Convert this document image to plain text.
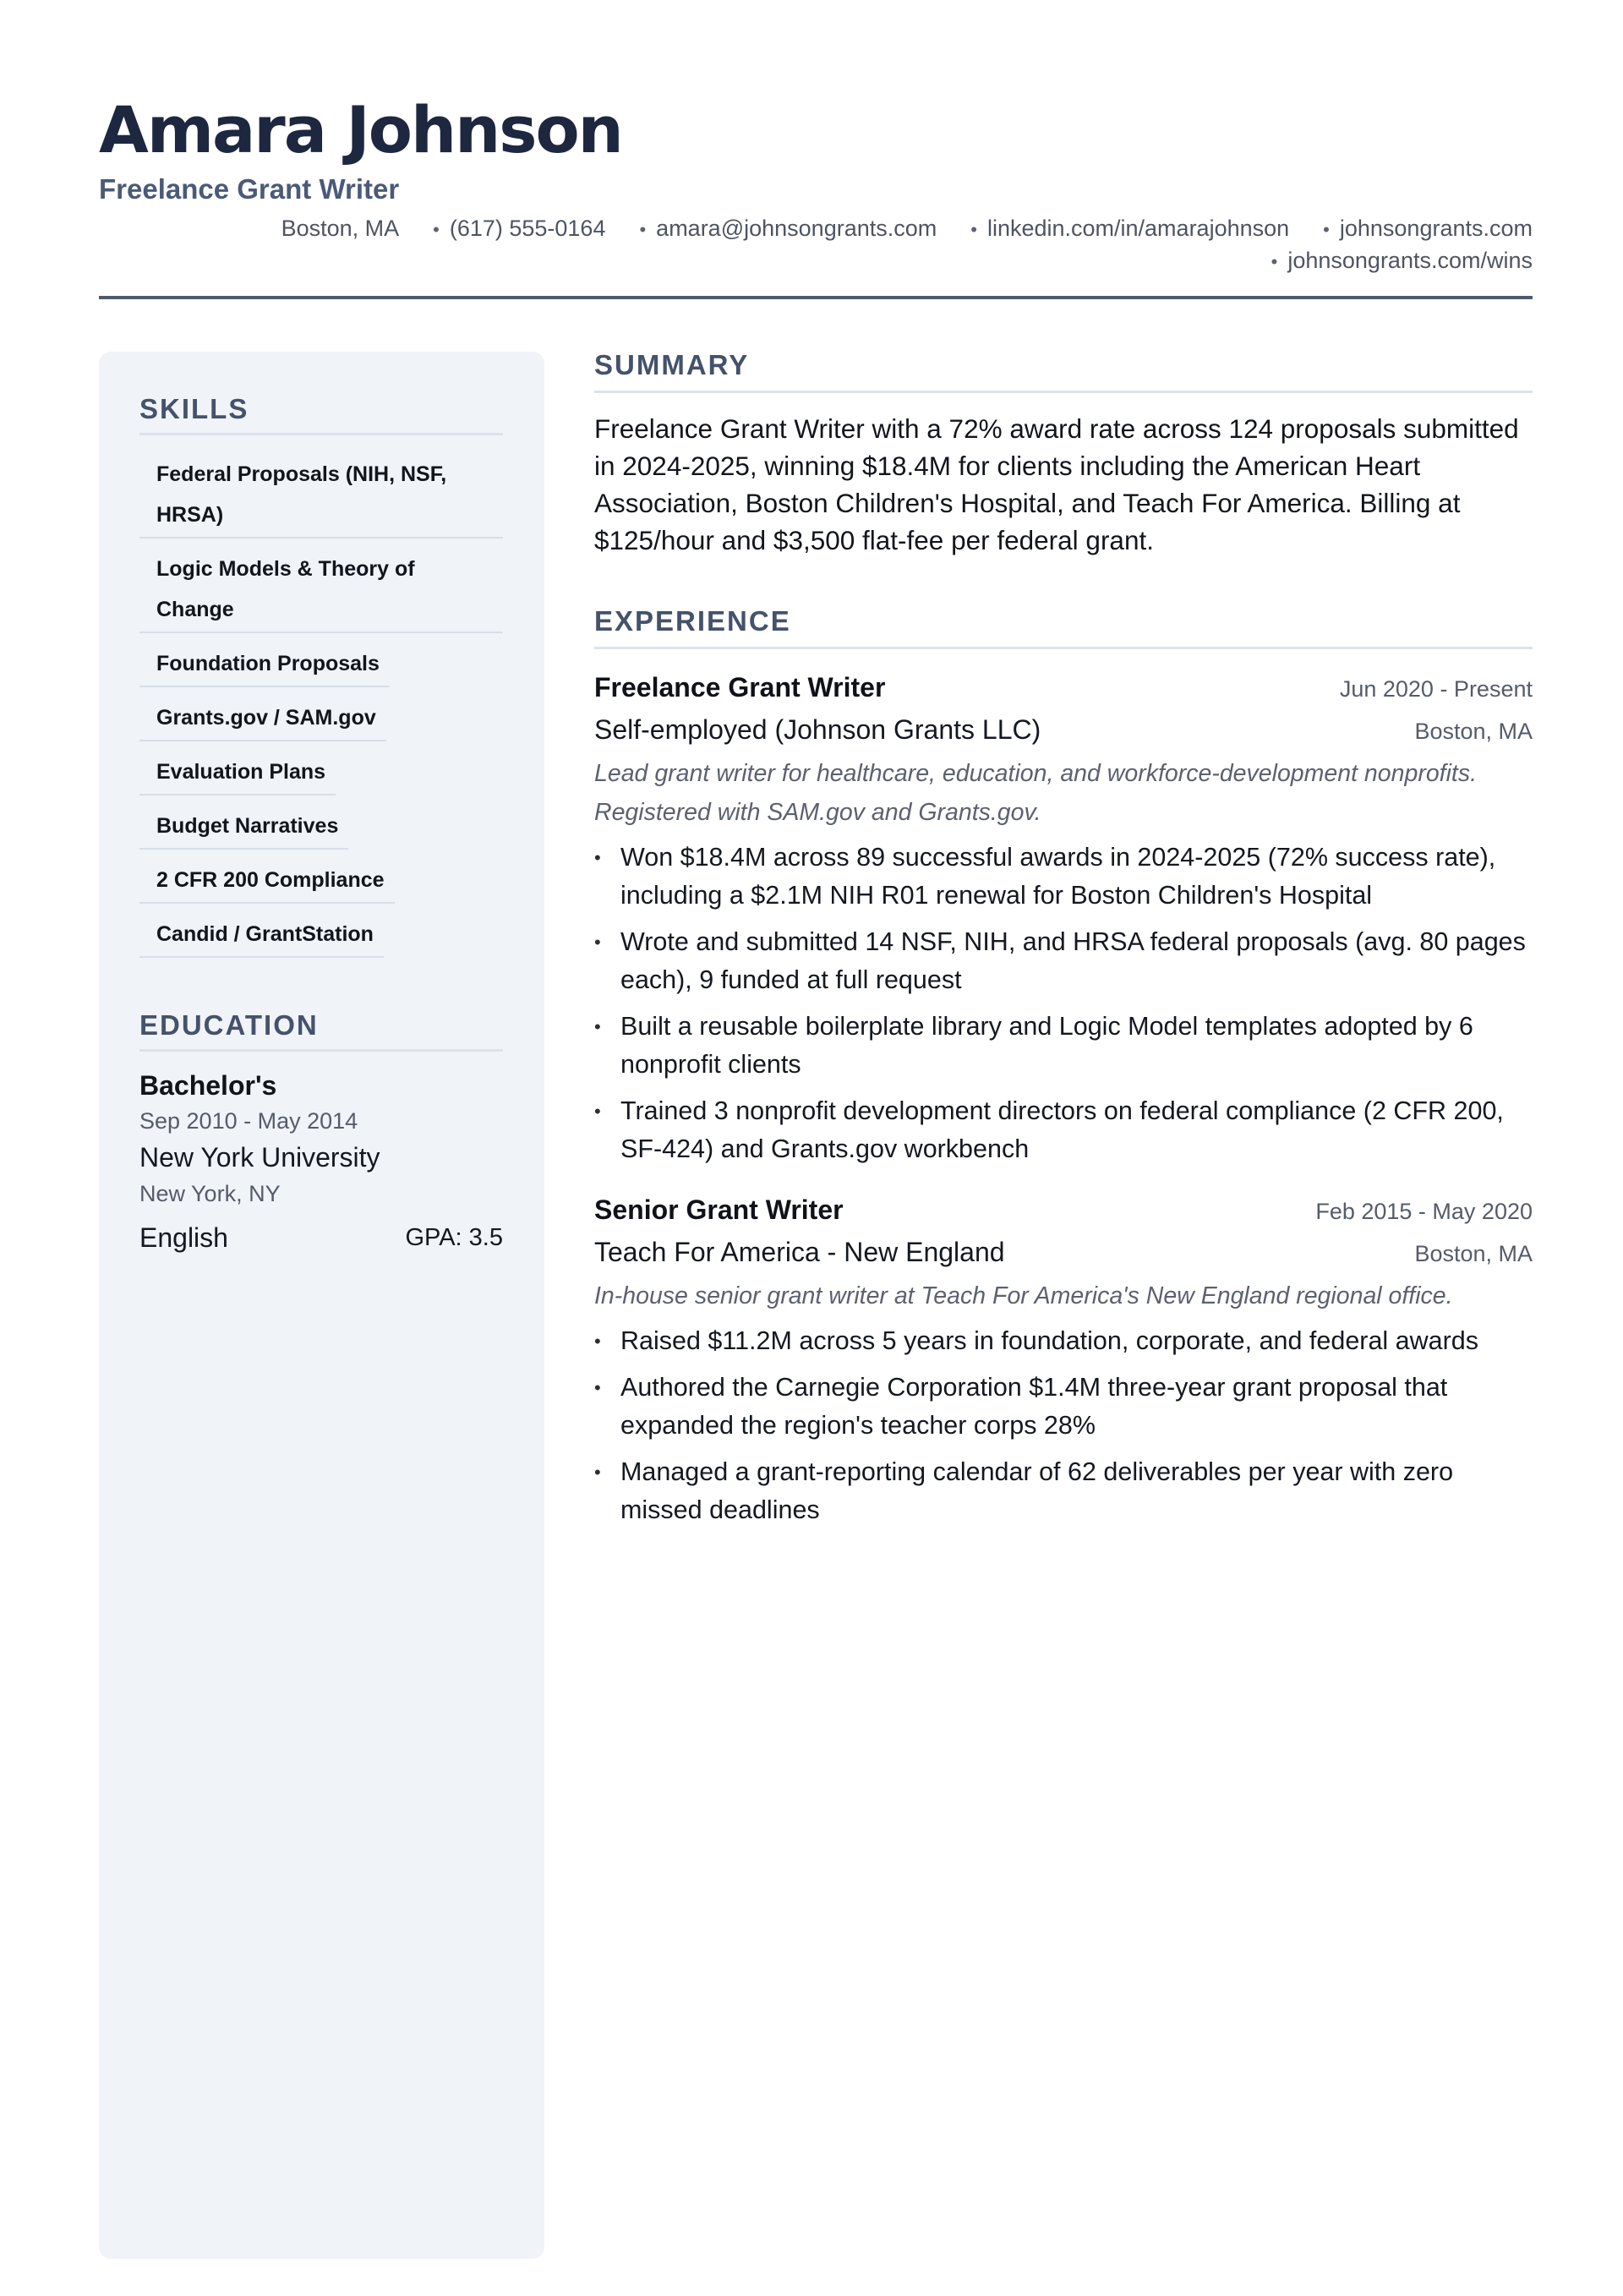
Amara Johnson
Freelance Grant Writer
Boston, MA • (617) 555-0164 • amara@johnsongrants.com • linkedin.com/in/amarajohnson • johnsongrants.com
• johnsongrants.com/wins
SKILLS
Federal Proposals (NIH, NSF, HRSA)
Logic Models & Theory of Change
Foundation Proposals
Grants.gov / SAM.gov
Evaluation Plans
Budget Narratives
2 CFR 200 Compliance
Candid / GrantStation
EDUCATION
Bachelor's
Sep 2010 - May 2014
New York University
New York, NY
English	GPA: 3.5
SUMMARY

Freelance Grant Writer with a 72% award rate across 124 proposals submitted in 2024-2025, winning $18.4M for clients including the American Heart Association, Boston Children's Hospital, and Teach For America. Billing at $125/hour and $3,500 flat-fee per federal grant.

EXPERIENCE
Freelance Grant Writer	Jun 2020 - Present
Self-employed (Johnson Grants LLC)	Boston, MA
Lead grant writer for healthcare, education, and workforce-development nonprofits. Registered with SAM.gov and Grants.gov.
• Won $18.4M across 89 successful awards in 2024-2025 (72% success rate), including a $2.1M NIH R01 renewal for Boston Children's Hospital
• Wrote and submitted 14 NSF, NIH, and HRSA federal proposals (avg. 80 pages each), 9 funded at full request
• Built a reusable boilerplate library and Logic Model templates adopted by 6 nonprofit clients
• Trained 3 nonprofit development directors on federal compliance (2 CFR 200, SF-424) and Grants.gov workbench
Senior Grant Writer	Feb 2015 - May 2020
Teach For America - New England	Boston, MA
In-house senior grant writer at Teach For America's New England regional office.
• Raised $11.2M across 5 years in foundation, corporate, and federal awards
• Authored the Carnegie Corporation $1.4M three-year grant proposal that expanded the region's teacher corps 28%
• Managed a grant-reporting calendar of 62 deliverables per year with zero missed deadlines
